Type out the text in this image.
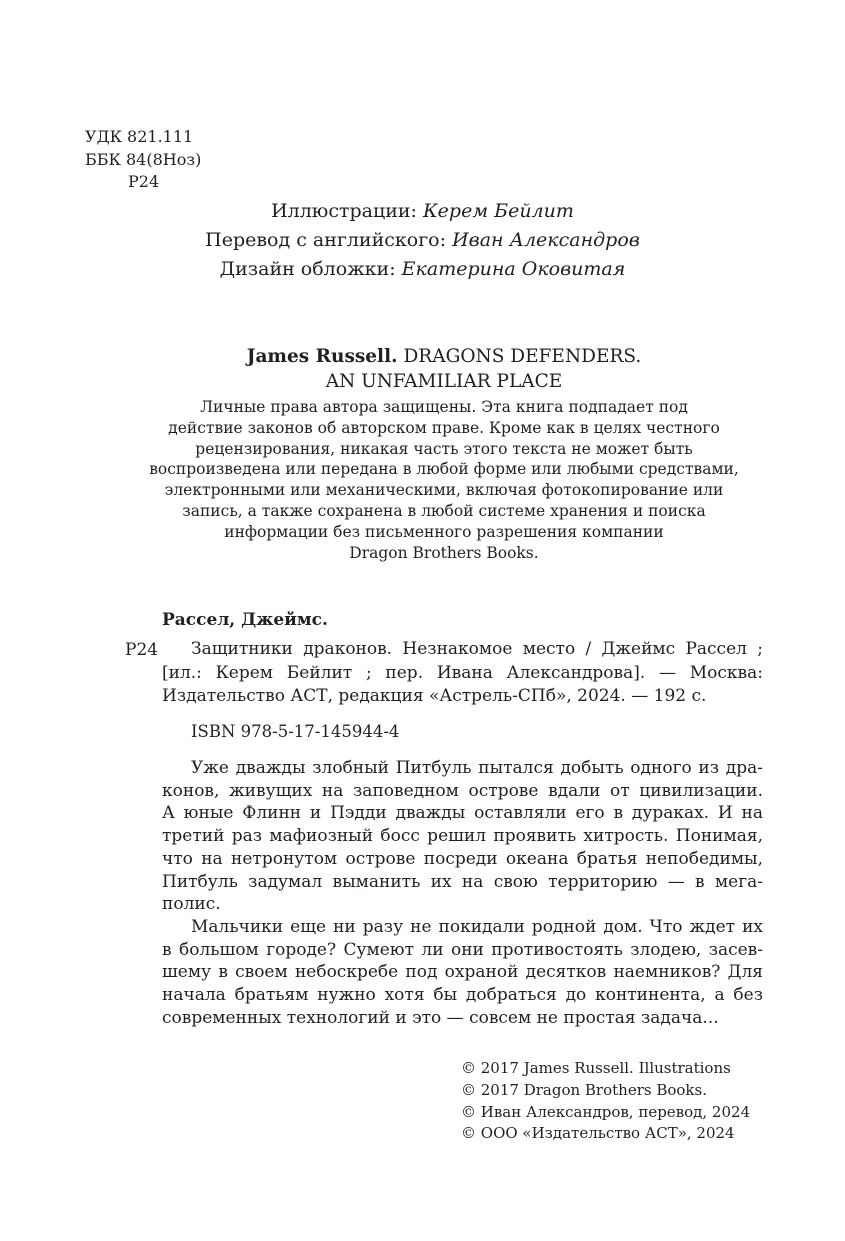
УДК 821.111
ББК 84(8Ноз)
Р24
Иллюстрации: Керем Бейлит
Перевод с английского: Иван Александров
Дизайн обложки: Екатерина Оковитая
James Russell. DRAGONS DEFENDERS.
AN UNFAMILIAR PLACE
Личные права автора защищены. Эта книга подпадает под
действие законов об авторском праве. Кроме как в целях честного
рецензирования, никакая часть этого текста не может быть
воспроизведена или передана в любой форме или любыми средствами,
электронными или механическими, включая фотокопирование или
запись, а также сохранена в любой системе хранения и поиска
информации без письменного разрешения компании
Dragon Brothers Books.
Рассел, Джеймс.
Р24	Защитники драконов. Незнакомое место / Джеймс Рассел ;
[ил.: Керем Бейлит ; пер. Ивана Александрова]. — Москва:
Издательство АСТ, редакция «Астрель-СПб», 2024. — 192 с.
ISBN 978-5-17-145944-4
Уже дважды злобный Питбуль пытался добыть одного из дра-
конов, живущих на заповедном острове вдали от цивилизации.
А юные Флинн и Пэдди дважды оставляли его в дураках. И на
третий раз мафиозный босс решил проявить хитрость. Понимая,
что на нетронутом острове посреди океана братья непобедимы,
Питбуль задумал выманить их на свою территорию — в мега-
полис.
Мальчики еще ни разу не покидали родной дом. Что ждет их
в большом городе? Сумеют ли они противостоять злодею, засев-
шему в своем небоскребе под охраной десятков наемников? Для
начала братьям нужно хотя бы добраться до континента, а без
современных технологий и это — совсем не простая задача...
© 2017 James Russell. Illustrations
© 2017 Dragon Brothers Books.
© Иван Александров, перевод, 2024
© ООО «Издательство АСТ», 2024
